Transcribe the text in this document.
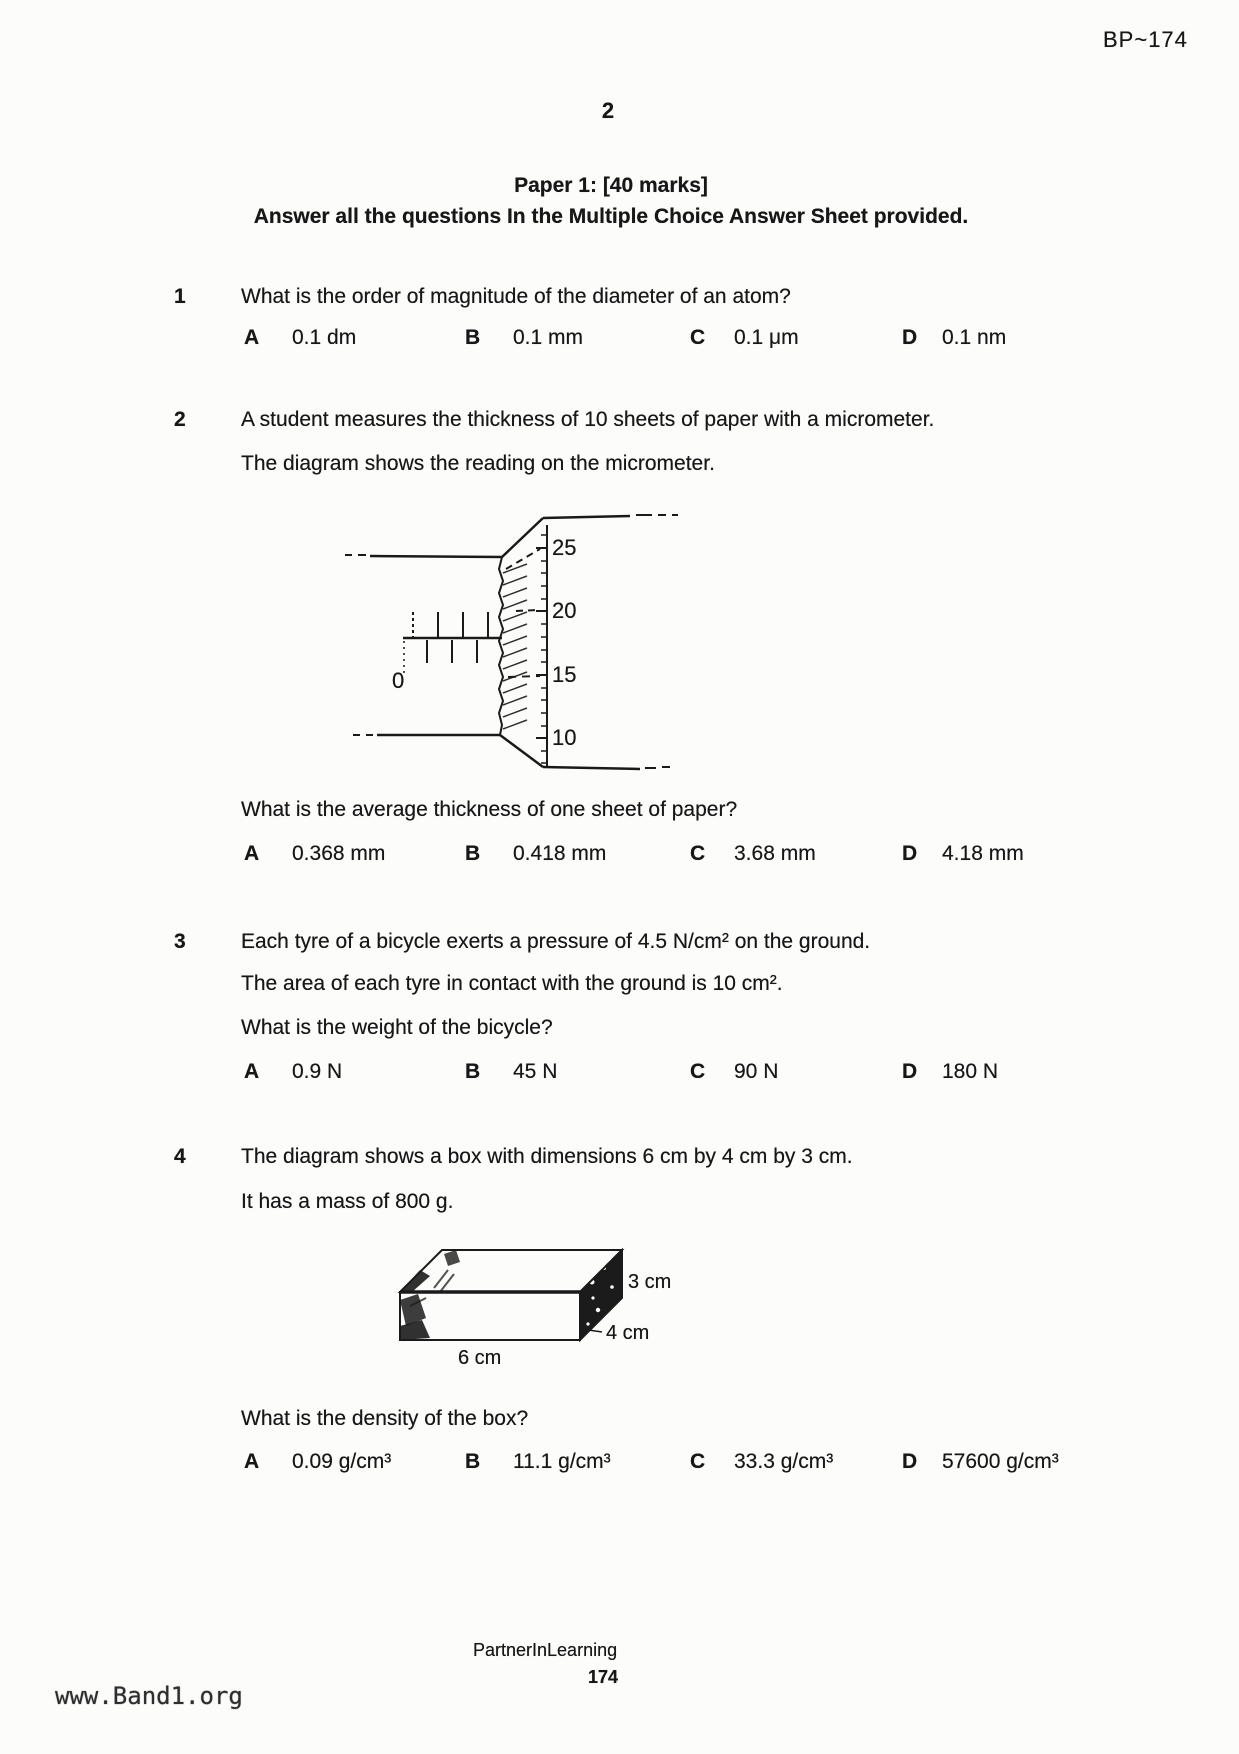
BP~174
2
Paper 1: [40 marks]
Answer all the questions In the Multiple Choice Answer Sheet provided.
1	What is the order of magnitude of the diameter of an atom?
A 0.1 dm	B 0.1 mm	C 0.1 μm	D 0.1 nm
2	A student measures the thickness of 10 sheets of paper with a micrometer.
The diagram shows the reading on the micrometer.
0
25
20
15
10
What is the average thickness of one sheet of paper?
A 0.368 mm	B 0.418 mm	C 3.68 mm	D 4.18 mm
3	Each tyre of a bicycle exerts a pressure of 4.5 N/cm² on the ground.
The area of each tyre in contact with the ground is 10 cm².
What is the weight of the bicycle?
A 0.9 N	B 45 N	C 90 N	D 180 N
4	The diagram shows a box with dimensions 6 cm by 4 cm by 3 cm.
It has a mass of 800 g.
3 cm
4 cm
6 cm
What is the density of the box?
A 0.09 g/cm³	B 11.1 g/cm³	C 33.3 g/cm³	D 57600 g/cm³
PartnerInLearning
174
www.Band1.org
